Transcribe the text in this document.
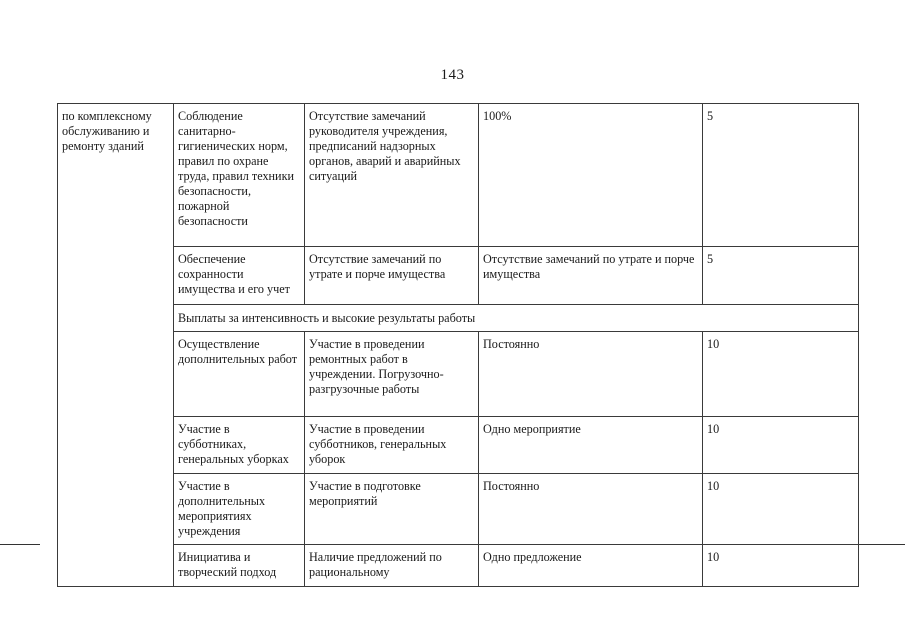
143
по комплексному обслуживанию и ремонту зданий	Соблюдение санитарно-гигиенических норм, правил по охране труда, правил техники безопасности, пожарной безопасности	Отсутствие замечаний руководителя учреждения, предписаний надзорных органов, аварий и аварийных ситуаций	100%	5
	Обеспечение сохранности имущества и его учет	Отсутствие замечаний по утрате и порче имущества	Отсутствие замечаний по утрате и порче имущества	5
	Выплаты за интенсивность и высокие результаты работы			
	Осуществление дополнительных работ	Участие в проведении ремонтных работ в учреждении. Погрузочно-разгрузочные работы	Постоянно	10
	Участие в субботниках, генеральных уборках	Участие в проведении субботников, генеральных уборок	Одно мероприятие	10
	Участие в дополнительных мероприятиях учреждения	Участие в подготовке мероприятий	Постоянно	10
	Инициатива и творческий подход	Наличие предложений по рациональному	Одно предложение	10
